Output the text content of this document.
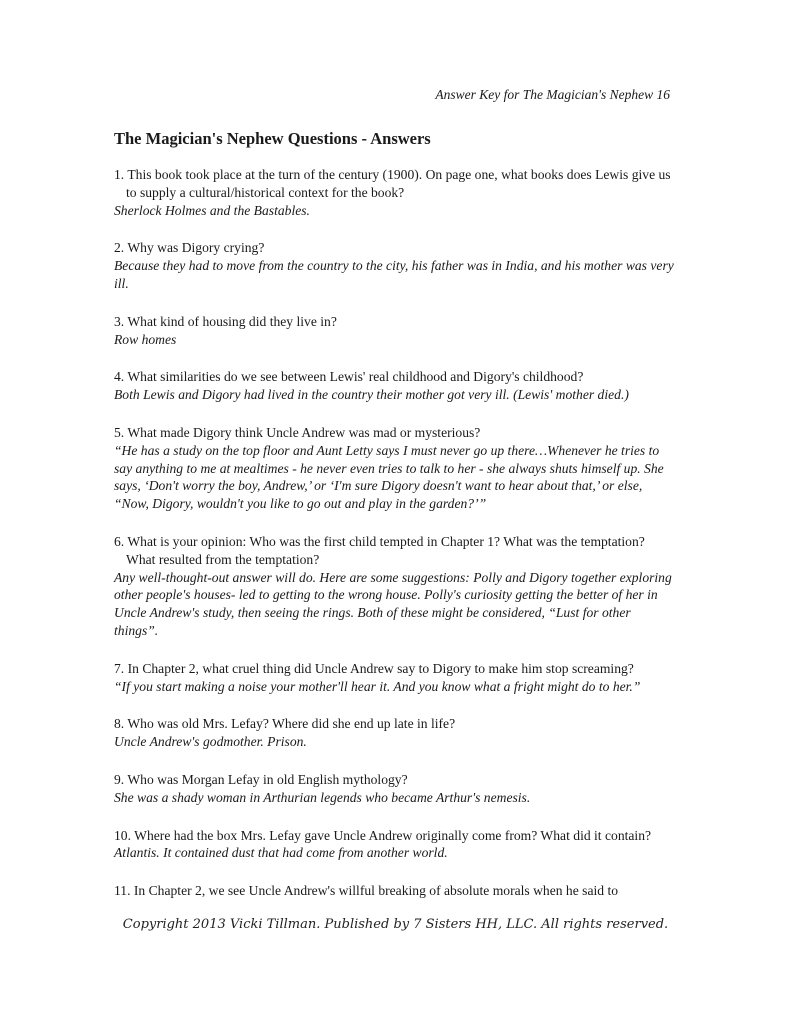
Answer Key for The Magician's Nephew 16
The Magician's Nephew Questions - Answers

1. This book took place at the turn of the century (1900). On page one, what books does Lewis give us to supply a cultural/historical context for the book?

Sherlock Holmes and the Bastables.

2. Why was Digory crying?

Because they had to move from the country to the city, his father was in India, and his mother was very ill.

3. What kind of housing did they live in?

Row homes

4. What similarities do we see between Lewis' real childhood and Digory's childhood?

Both Lewis and Digory had lived in the country their mother got very ill. (Lewis' mother died.)

5. What made Digory think Uncle Andrew was mad or mysterious?

“He has a study on the top floor and Aunt Letty says I must never go up there…Whenever he tries to say anything to me at mealtimes - he never even tries to talk to her - she always shuts himself up. She says, ‘Don't worry the boy, Andrew,’ or ‘I'm sure Digory doesn't want to hear about that,’ or else, “Now, Digory, wouldn't you like to go out and play in the garden?’”

6. What is your opinion: Who was the first child tempted in Chapter 1? What was the temptation? What resulted from the temptation?

Any well-thought-out answer will do. Here are some suggestions: Polly and Digory together exploring other people's houses- led to getting to the wrong house. Polly's curiosity getting the better of her in Uncle Andrew's study, then seeing the rings. Both of these might be considered, “Lust for other things”.

7. In Chapter 2, what cruel thing did Uncle Andrew say to Digory to make him stop screaming?

“If you start making a noise your mother'll hear it. And you know what a fright might do to her.”

8. Who was old Mrs. Lefay? Where did she end up late in life?

Uncle Andrew's godmother. Prison.

9. Who was Morgan Lefay in old English mythology?

She was a shady woman in Arthurian legends who became Arthur's nemesis.

10. Where had the box Mrs. Lefay gave Uncle Andrew originally come from? What did it contain?

Atlantis. It contained dust that had come from another world.

11. In Chapter 2, we see Uncle Andrew's willful breaking of absolute morals when he said to

Copyright 2013 Vicki Tillman. Published by 7 Sisters HH, LLC. All rights reserved.
